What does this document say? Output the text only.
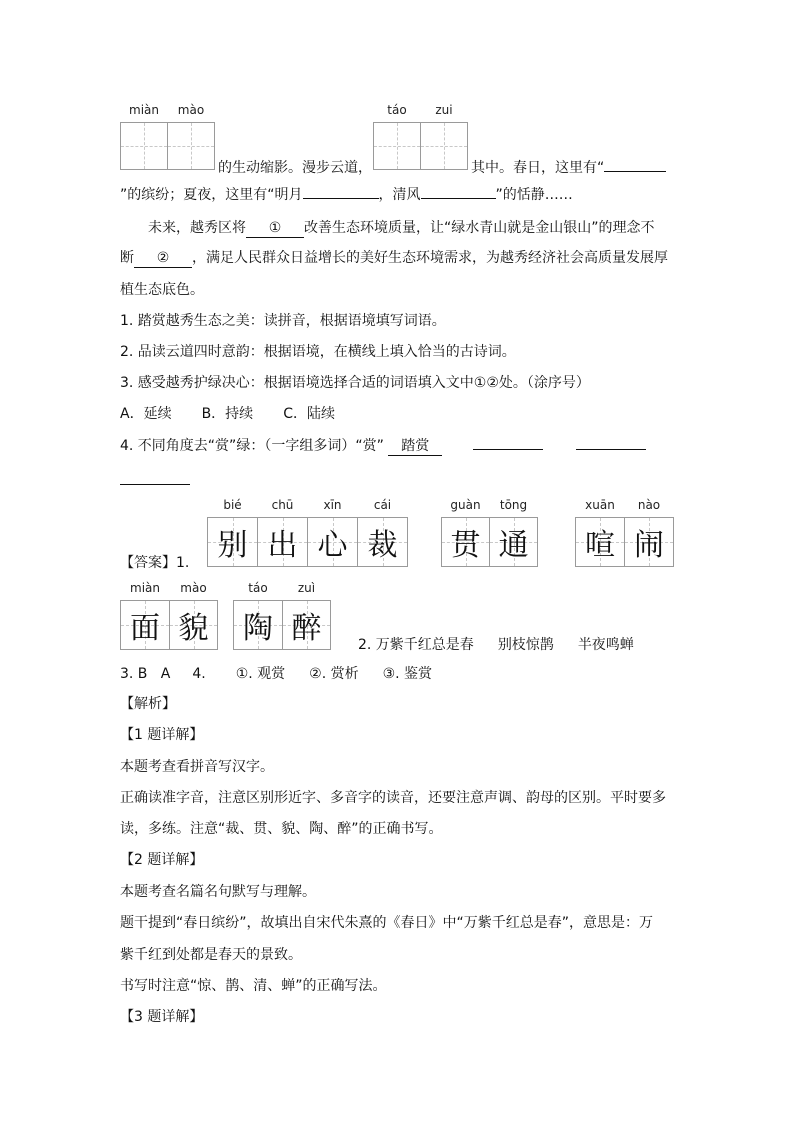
miàn	mào
的生动缩影。漫步云道，
táo	zui
其中。春日，这里有“
”的缤纷；夏夜，这里有“明月	，清风	”的恬静……
未来，越秀区将 ① 改善生态环境质量，让“绿水青山就是金山银山”的理念不
断 ② ，满足人民群众日益增长的美好生态环境需求，为越秀经济社会高质量发展厚
植生态底色。
1. 踏赏越秀生态之美：读拼音，根据语境填写词语。
2. 品读云道四时意韵：根据语境，在横线上填入恰当的古诗词。
3. 感受越秀护绿决心：根据语境选择合适的词语填入文中①②处。（涂序号）
A．延续 B．持续 C．陆续
4. 不同角度去“赏”绿：（一字组多词）“赏” 踏赏
【答案】1.
bié
别
chū
出
xīn
心
cái
裁
guàn
贯
tōng
通
xuān
喧
nào
闹
miàn
面
mào
貌
táo
陶
zuì
醉	2. 万紫千红总是春 别枝惊鹊 半夜鸣蝉
3. B   A 4. ①. 观赏 ②. 赏析 ③. 鉴赏
【解析】
【1 题详解】
本题考查看拼音写汉字。
正确读准字音，注意区别形近字、多音字的读音，还要注意声调、韵母的区别。平时要多
读，多练。注意“裁、贯、貌、陶、醉”的正确书写。
【2 题详解】
本题考查名篇名句默写与理解。
题干提到“春日缤纷”，故填出自宋代朱熹的《春日》中“万紫千红总是春”，意思是：万
紫千红到处都是春天的景致。
书写时注意“惊、鹊、清、蝉”的正确写法。
【3 题详解】
